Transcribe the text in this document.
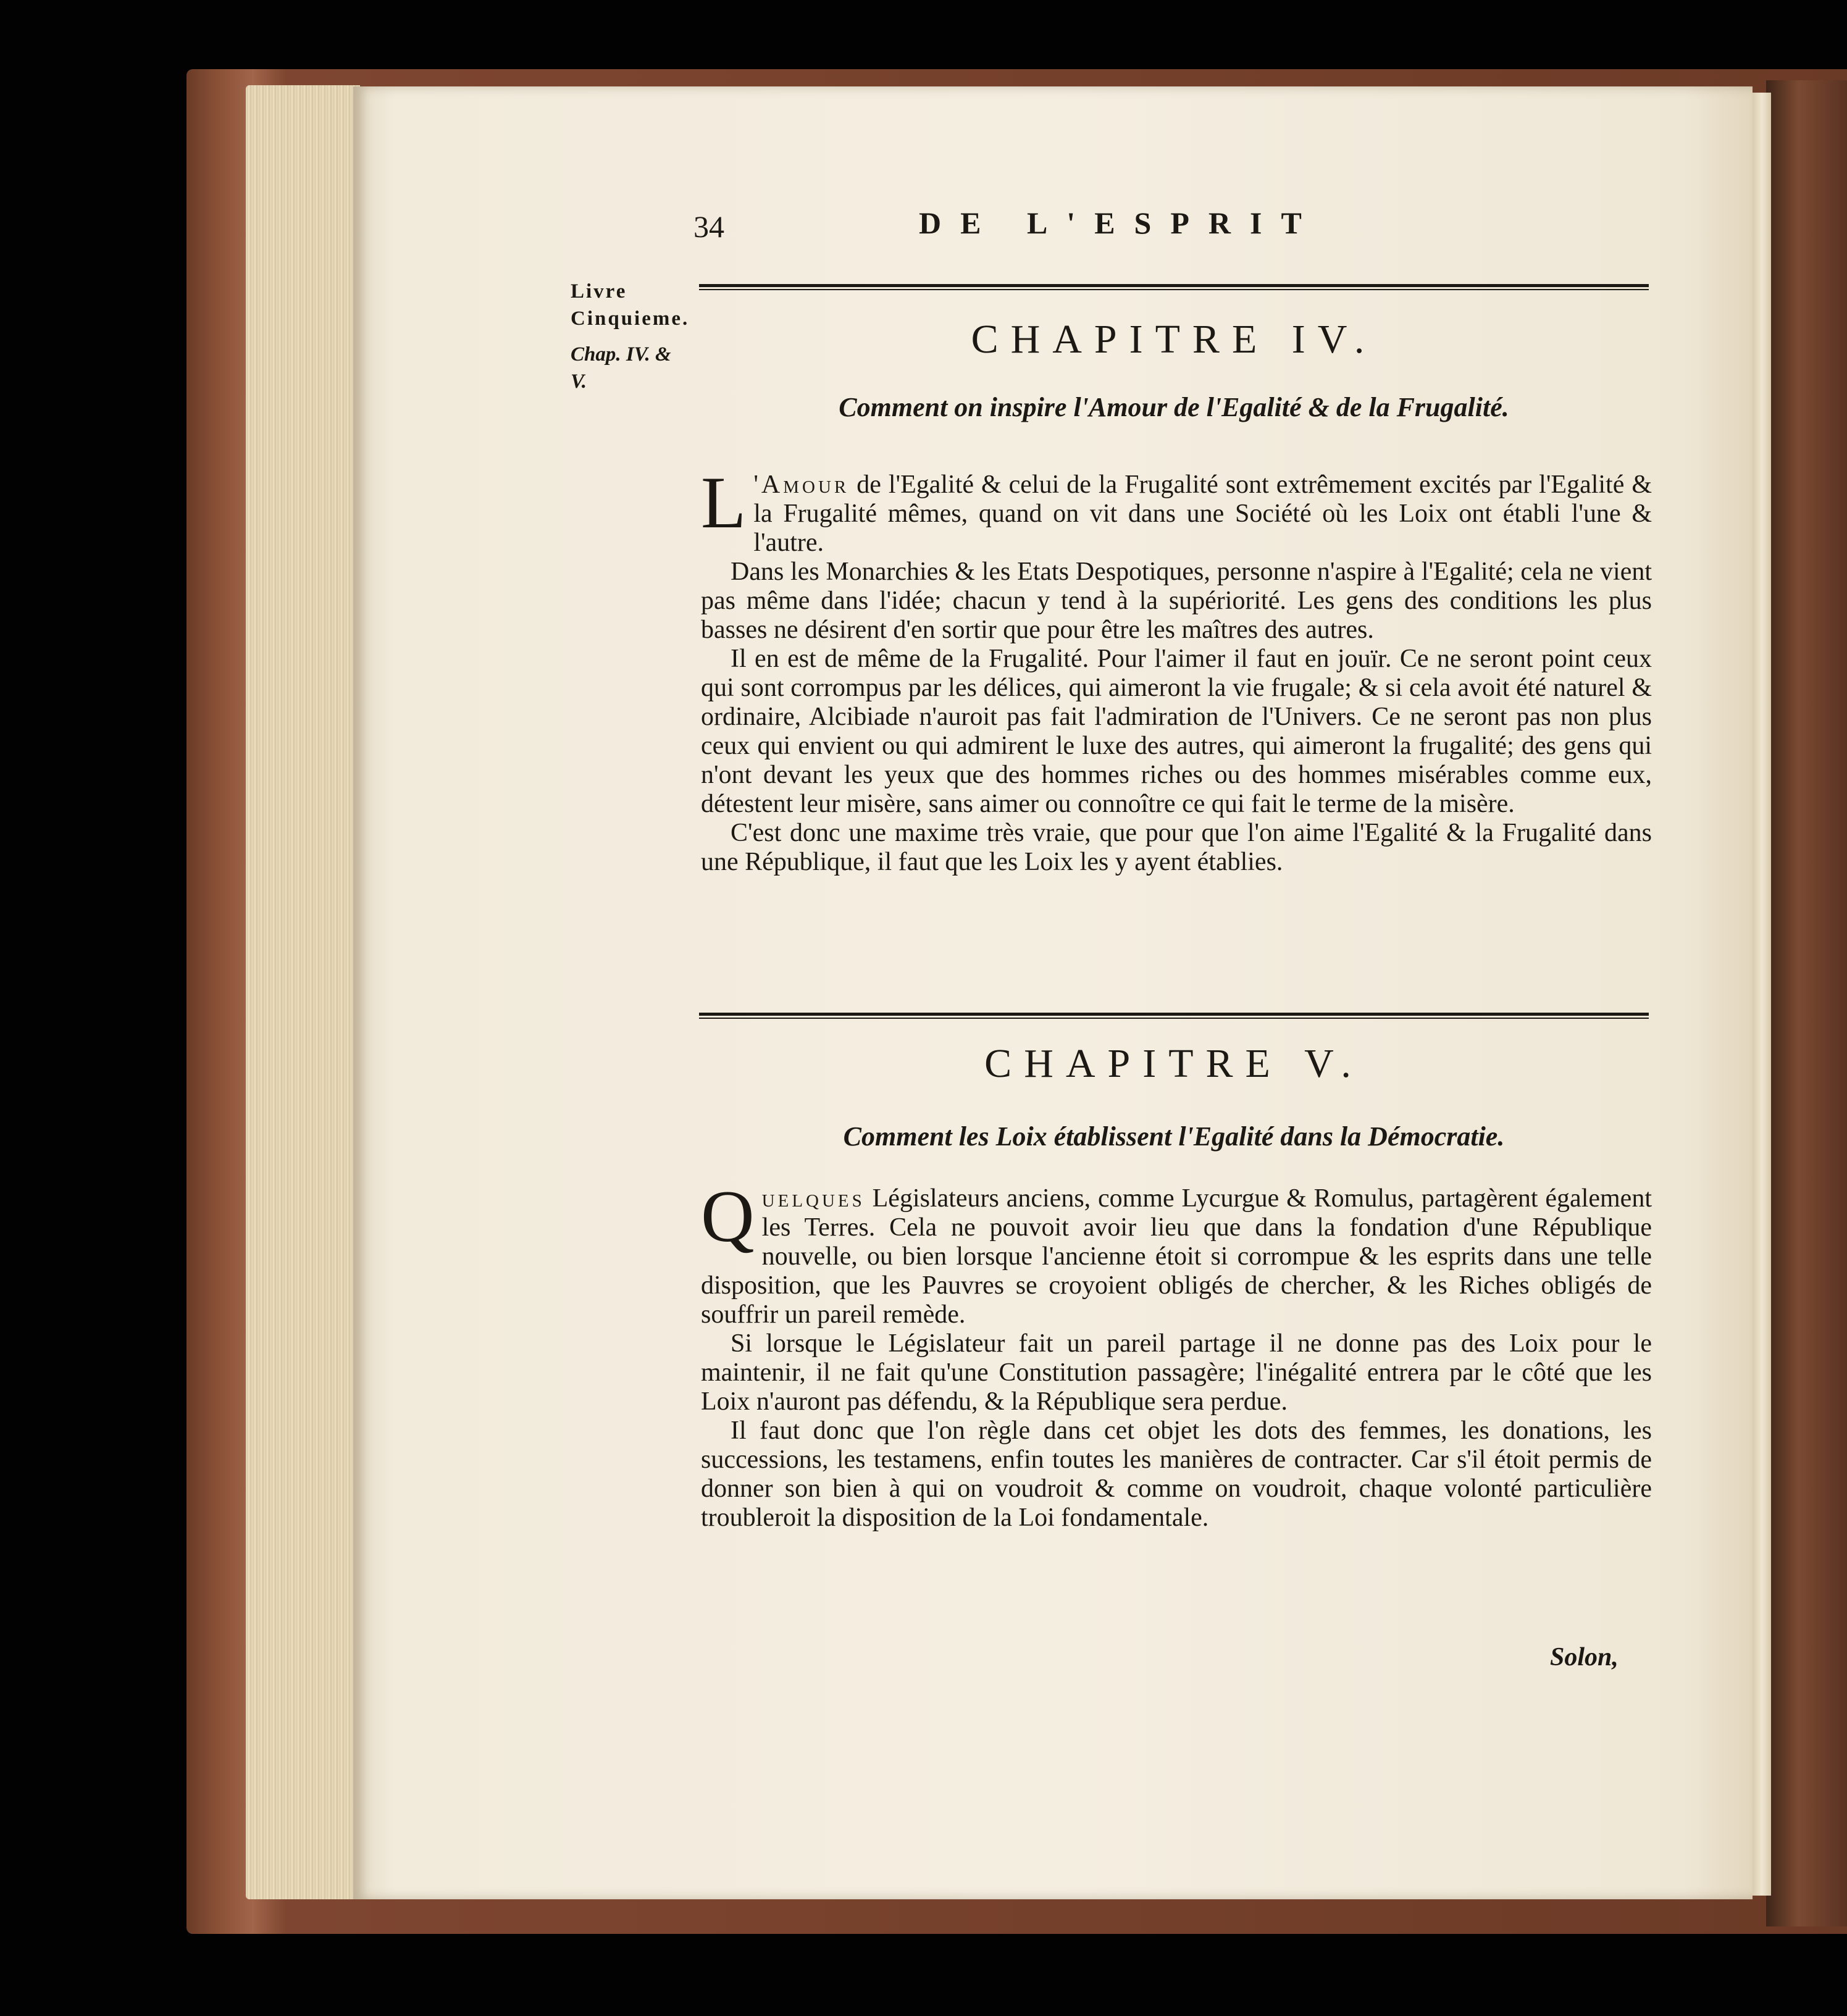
34	DE L'ESPRIT
Livre Cinquieme.
Chap. IV. & V.
CHAPITRE IV.
Comment on inspire l'Amour de l'Egalité & de la Frugalité.

L 'Amour de l'Egalité & celui de la Frugalité sont extrêmement excités par l'Egalité & la Frugalité mêmes, quand on vit dans une Société où les Loix ont établi l'une & l'autre.

Dans les Monarchies & les Etats Despotiques, personne n'aspire à l'Egalité; cela ne vient pas même dans l'idée; chacun y tend à la supériorité. Les gens des conditions les plus basses ne désirent d'en sortir que pour être les maîtres des autres.

Il en est de même de la Frugalité. Pour l'aimer il faut en jouïr. Ce ne seront point ceux qui sont corrompus par les délices, qui aimeront la vie frugale; & si cela avoit été naturel & ordinaire, Alcibiade n'auroit pas fait l'admiration de l'Univers. Ce ne seront pas non plus ceux qui envient ou qui admirent le luxe des autres, qui aimeront la frugalité; des gens qui n'ont devant les yeux que des hommes riches ou des hommes misérables comme eux, détestent leur misère, sans aimer ou connoître ce qui fait le terme de la misère.

C'est donc une maxime très vraie, que pour que l'on aime l'Egalité & la Frugalité dans une République, il faut que les Loix les y ayent établies.

CHAPITRE V.
Comment les Loix établissent l'Egalité dans la Démocratie.

Quelques Législateurs anciens, comme Lycurgue & Romulus, partagèrent également les Terres. Cela ne pouvoit avoir lieu que dans la fondation d'une République nouvelle, ou bien lorsque l'ancienne étoit si corrompue & les esprits dans une telle disposition, que les Pauvres se croyoient obligés de chercher, & les Riches obligés de souffrir un pareil remède.

Si lorsque le Législateur fait un pareil partage il ne donne pas des Loix pour le maintenir, il ne fait qu'une Constitution passagère; l'inégalité entrera par le côté que les Loix n'auront pas défendu, & la République sera perdue.

Il faut donc que l'on règle dans cet objet les dots des femmes, les donations, les successions, les testamens, enfin toutes les manières de contracter. Car s'il étoit permis de donner son bien à qui on voudroit & comme on voudroit, chaque volonté particulière troubleroit la disposition de la Loi fondamentale.

Solon,
